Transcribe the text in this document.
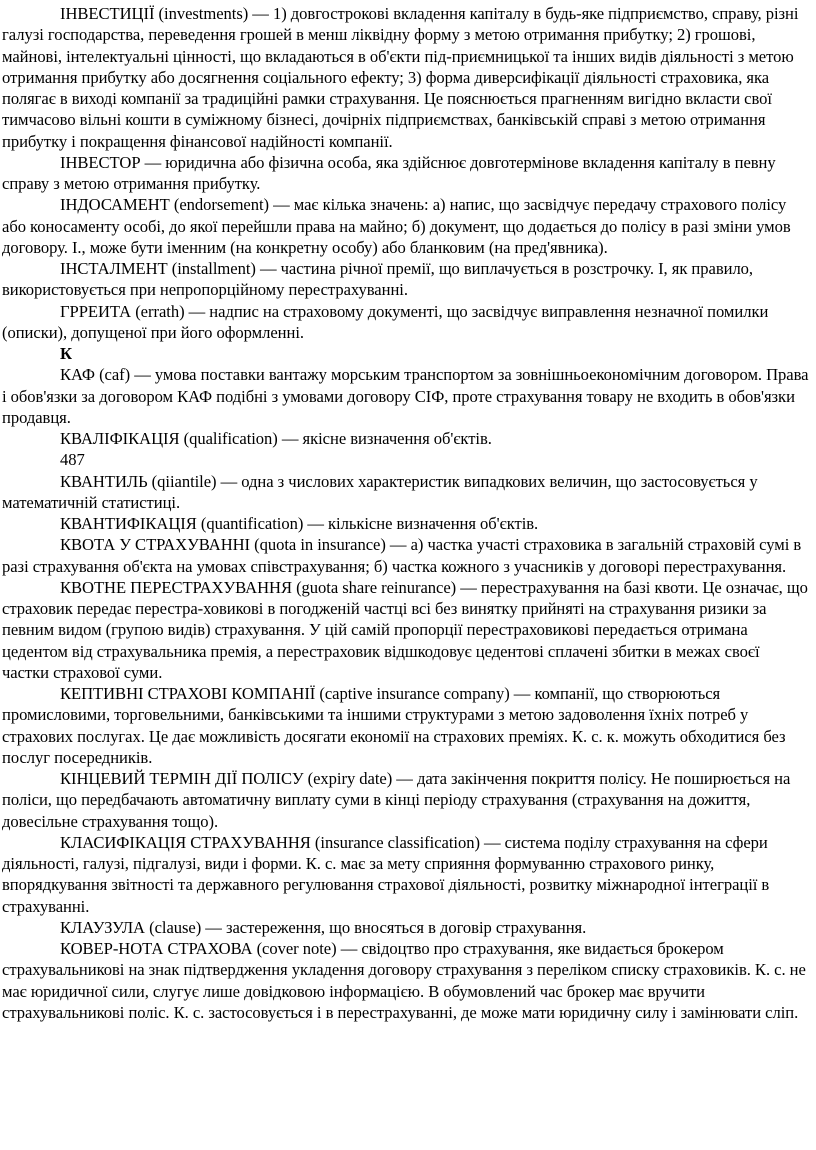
ІНВЕСТИЦІЇ (investments) — 1) довгострокові вкладення капіталу в будь-яке підприємство, справу, різні галузі господарства, переведення грошей в менш ліквідну форму з метою отримання прибутку; 2) грошові, майнові, інтелектуальні цінності, що вкладаються в об'єкти під-приємницької та інших видів діяльності з метою отримання прибутку або досягнення соціального ефекту; 3) форма диверсифікації діяльності страховика, яка полягає в виході компанії за традиційні рамки страхування. Це пояснюється прагненням вигідно вкласти свої тимчасово вільні кошти в суміжному бізнесі, дочірніх підприємствах, банківській справі з метою отримання прибутку і покращення фінансової надійності компанії.

ІНВЕСТОР — юридична або фізична особа, яка здійснює довготермінове вкладення капіталу в певну справу з метою отримання прибутку.

ІНДОСАМЕНТ (endorsement) — має кілька значень: а) напис, що засвідчує передачу страхового полісу або коносаменту особі, до якої перейшли права на майно; б) документ, що додається до полісу в разі зміни умов договору. І., може бути іменним (на конкретну особу) або бланковим (на пред'явника).

ІНСТАЛМЕНТ (installment) — частина річної премії, що виплачується в розстрочку. І, як правило, використовується при непропорційному перестрахуванні.

ГРРЕИТА (errath) — надпис на страховому документі, що засвідчує виправлення незначної помилки (описки), допущеної при його оформленні.

К

КАФ (caf) — умова поставки вантажу морським транспортом за зовнішньоекономічним договором. Права і обов'язки за договором КАФ подібні з умовами договору СІФ, проте страхування товару не входить в обов'язки продавця.

КВАЛІФІКАЦІЯ (qualification) — якісне визначення об'єктів.

487

КВАНТИЛЬ (qiiantile) — одна з числових характеристик випадкових величин, що застосовується у математичній статистиці.

КВАНТИФІКАЦІЯ (quantification) — кількісне визначення об'єктів.

КВОТА У СТРАХУВАННІ (quota in insurance) — а) частка участі страховика в загальній страховій сумі в разі страхування об'єкта на умовах співстрахування; б) частка кожного з учасників у договорі перестрахування.

КВОТНЕ ПЕРЕСТРАХУВАННЯ (guota share reinurance) — перестрахування на базі квоти. Це означає, що страховик передає перестра-ховикові в погодженій частці всі без винятку прийняті на страхування ризики за певним видом (групою видів) страхування. У цій самій пропорції перестраховикові передається отримана цедентом від страхувальника премія, а перестраховик відшкодовує цедентові сплачені збитки в межах своєї частки страхової суми.

КЕПТИВНІ СТРАХОВІ КОМПАНІЇ (captive insurance company) — компанії, що створюються промисловими, торговельними, банківськими та іншими структурами з метою задоволення їхніх потреб у страхових послугах. Це дає можливість досягати економії на страхових преміях. К. с. к. можуть обходитися без послуг посередників.

КІНЦЕВИЙ ТЕРМІН ДІЇ ПОЛІСУ (expiry date) — дата закінчення покриття полісу. Не поширюється на поліси, що передбачають автоматичну виплату суми в кінці періоду страхування (страхування на дожиття, довесільне страхування тощо).

КЛАСИФІКАЦІЯ СТРАХУВАННЯ (insurance classification) — система поділу страхування на сфери діяльності, галузі, підгалузі, види і форми. К. с. має за мету сприяння формуванню страхового ринку, впорядкування звітності та державного регулювання страхової діяльності, розвитку міжнародної інтеграції в страхуванні.

КЛАУЗУЛА (clause) — застереження, що вносяться в договір страхування.

КОВЕР-НОТА СТРАХОВА (cover note) — свідоцтво про страхування, яке видається брокером страхувальникові на знак підтвердження укладення договору страхування з переліком списку страховиків. К. с. не має юридичної сили, слугує лише довідковою інформацією. В обумовлений час брокер має вручити страхувальникові поліс. К. с. застосовується і в перестрахуванні, де може мати юридичну силу і замінювати сліп.
